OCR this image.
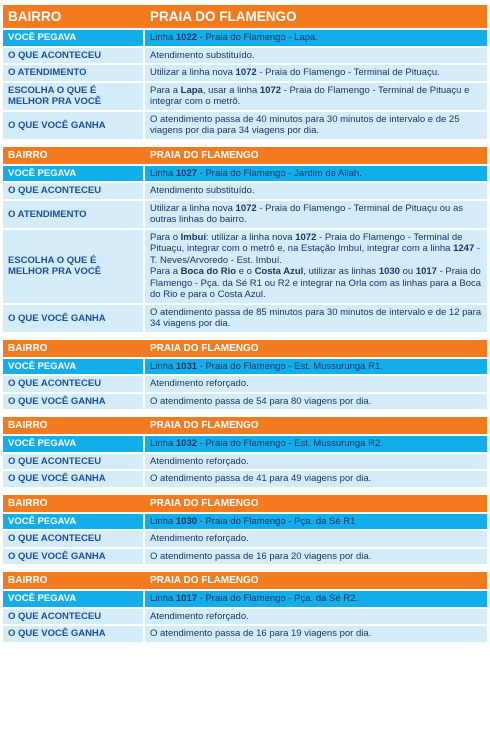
BAIRRO	PRAIA DO FLAMENGO
VOCÊ PEGAVA	Linha 1022 - Praia do Flamengo - Lapa.
O QUE ACONTECEU	Atendimento substituído.
O ATENDIMENTO	Utilizar a linha nova 1072 - Praia do Flamengo - Terminal de Pituaçu.
ESCOLHA O QUE É MELHOR PRA VOCÊ	Para a Lapa, usar a linha 1072 - Praia do Flamengo - Terminal de Pituaçu e integrar com o metrô.
O QUE VOCÊ GANHA	O atendimento passa de 40 minutos para 30 minutos de intervalo e de 25 viagens por dia para 34 viagens por dia.
BAIRRO	PRAIA DO FLAMENGO
VOCÊ PEGAVA	Linha 1027 - Praia do Flamengo - Jardim de Allah.
O QUE ACONTECEU	Atendimento substituído.
O ATENDIMENTO	Utilizar a linha nova 1072 - Praia do Flamengo - Terminal de Pituaçu ou as outras linhas do bairro.
ESCOLHA O QUE É MELHOR PRA VOCÊ	Para o Imbuí: utilizar a linha nova 1072 - Praia do Flamengo - Terminal de Pituaçu, integrar com o metrô e, na Estação Imbuí, integrar com a linha 1247 - T. Neves/Arvoredo - Est. Imbuí.
Para a Boca do Rio e o Costa Azul, utilizar as linhas 1030 ou 1017 - Praia do Flamengo - Pça. da Sé R1 ou R2 e integrar na Orla com as linhas para a Boca do Rio e para o Costa Azul.
O QUE VOCÊ GANHA	O atendimento passa de 85 minutos para 30 minutos de intervalo e de 12 para 34 viagens por dia.
BAIRRO	PRAIA DO FLAMENGO
VOCÊ PEGAVA	Linha 1031 - Praia do Flamengo - Est. Mussurunga R1.
O QUE ACONTECEU	Atendimento reforçado.
O QUE VOCÊ GANHA	O atendimento passa de 54 para 80 viagens por dia.
BAIRRO	PRAIA DO FLAMENGO
VOCÊ PEGAVA	Linha 1032 - Praia do Flamengo - Est. Mussurunga R2.
O QUE ACONTECEU	Atendimento reforçado.
O QUE VOCÊ GANHA	O atendimento passa de 41 para 49 viagens por dia.
BAIRRO	PRAIA DO FLAMENGO
VOCÊ PEGAVA	Linha 1030 - Praia do Flamengo - Pça. da Sé R1
O QUE ACONTECEU	Atendimento reforçado.
O QUE VOCÊ GANHA	O atendimento passa de 16 para 20 viagens por dia.
BAIRRO	PRAIA DO FLAMENGO
VOCÊ PEGAVA	Linha 1017 - Praia do Flamengo - Pça. da Sé R2.
O QUE ACONTECEU	Atendimento reforçado.
O QUE VOCÊ GANHA	O atendimento passa de 16 para 19 viagens por dia.
